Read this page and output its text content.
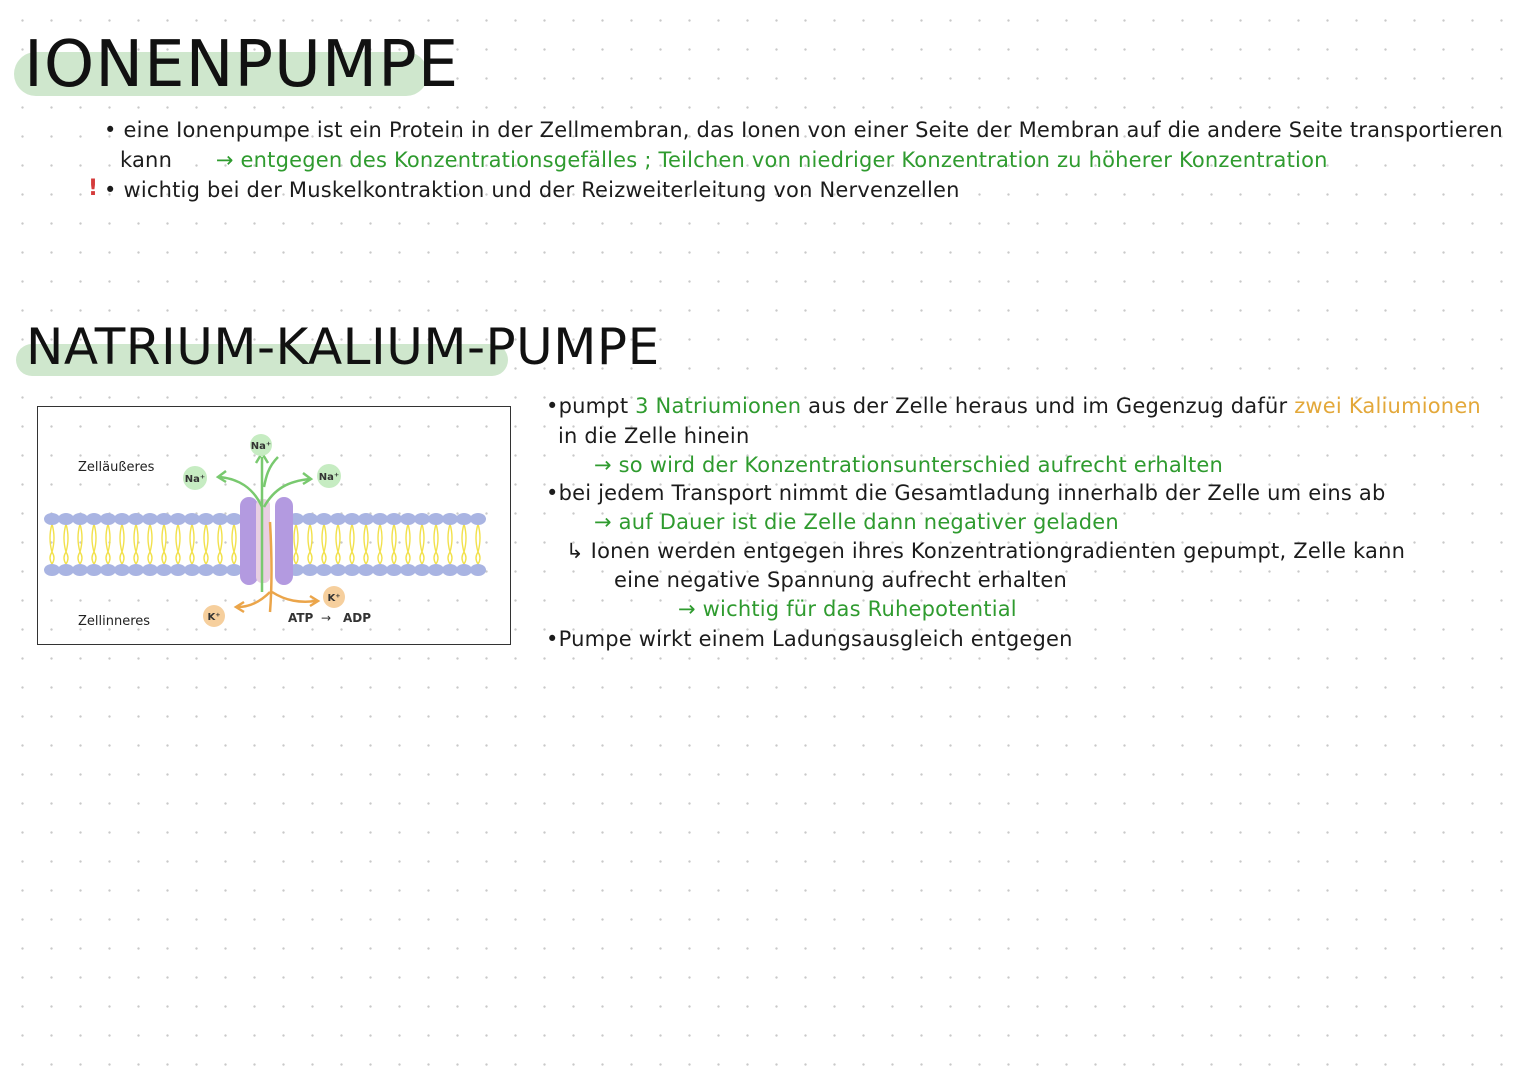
IONENPUMPE
• eine Ionenpumpe ist ein Protein in der Zellmembran, das Ionen von einer Seite der Membran auf die andere Seite transportieren
kann → entgegen des Konzentrationsgefälles ; Teilchen von niedriger Konzentration zu höherer Konzentration
! • wichtig bei der Muskelkontraktion und der Reizweiterleitung von Nervenzellen
NATRIUM-KALIUM-PUMPE
Na⁺
Na⁺	Na⁺
K⁺
K⁺
Zelläußeres
Zellinneres	ATP → ADP
•pumpt 3 Natriumionen aus der Zelle heraus und im Gegenzug dafür zwei Kaliumionen
in die Zelle hinein
→ so wird der Konzentrationsunterschied aufrecht erhalten
•bei jedem Transport nimmt die Gesamtladung innerhalb der Zelle um eins ab
→ auf Dauer ist die Zelle dann negativer geladen
↳ Ionen werden entgegen ihres Konzentrationgradienten gepumpt, Zelle kann
eine negative Spannung aufrecht erhalten
→ wichtig für das Ruhepotential
•Pumpe wirkt einem Ladungsausgleich entgegen
